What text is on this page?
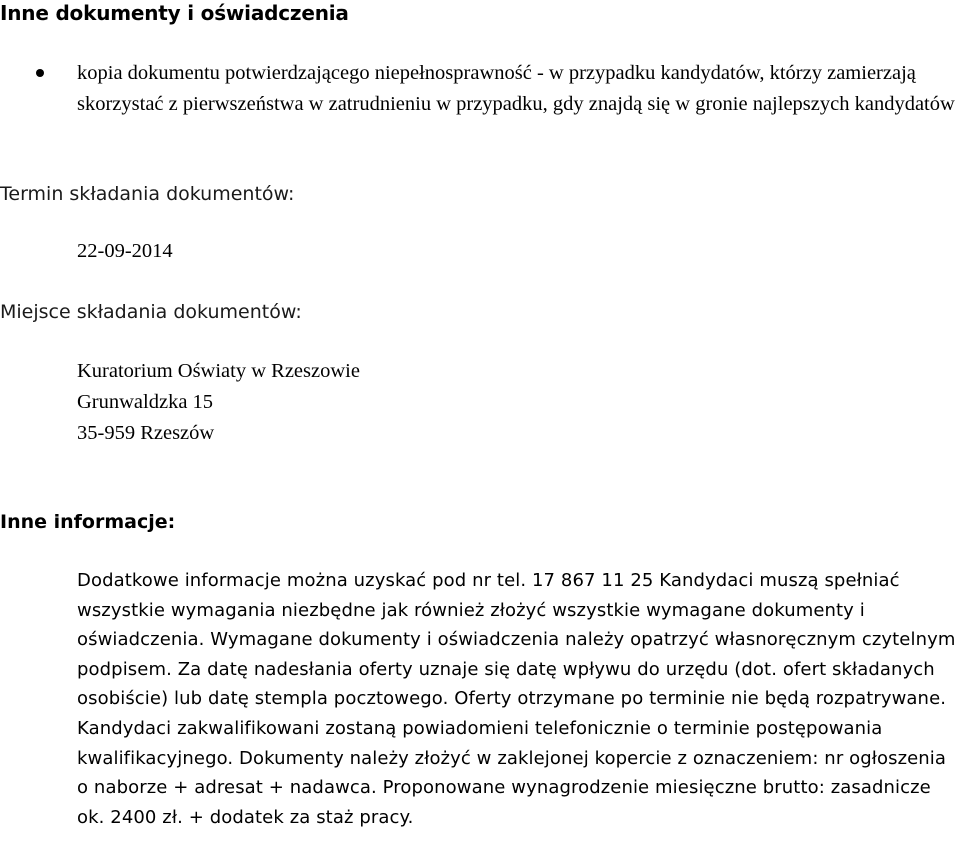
Inne dokumenty i oświadczenia
kopia dokumentu potwierdzającego niepełnosprawność - w przypadku kandydatów, którzy zamierzają skorzystać z pierwszeństwa w zatrudnieniu w przypadku, gdy znajdą się w gronie najlepszych kandydatów
Termin składania dokumentów:
22-09-2014
Miejsce składania dokumentów:
Kuratorium Oświaty w Rzeszowie
Grunwaldzka 15
35-959 Rzeszów
Inne informacje:

Dodatkowe informacje można uzyskać pod nr tel. 17 867 11 25 Kandydaci muszą spełniać wszystkie wymagania niezbędne jak również złożyć wszystkie wymagane dokumenty i oświadczenia. Wymagane dokumenty i oświadczenia należy opatrzyć własnoręcznym czytelnym podpisem. Za datę nadesłania oferty uznaje się datę wpływu do urzędu (dot. ofert składanych osobiście) lub datę stempla pocztowego. Oferty otrzymane po terminie nie będą rozpatrywane. Kandydaci zakwalifikowani zostaną powiadomieni telefonicznie o terminie postępowania kwalifikacyjnego. Dokumenty należy złożyć w zaklejonej kopercie z oznaczeniem: nr ogłoszenia o naborze + adresat + nadawca. Proponowane wynagrodzenie miesięczne brutto: zasadnicze ok. 2400 zł. + dodatek za staż pracy.
